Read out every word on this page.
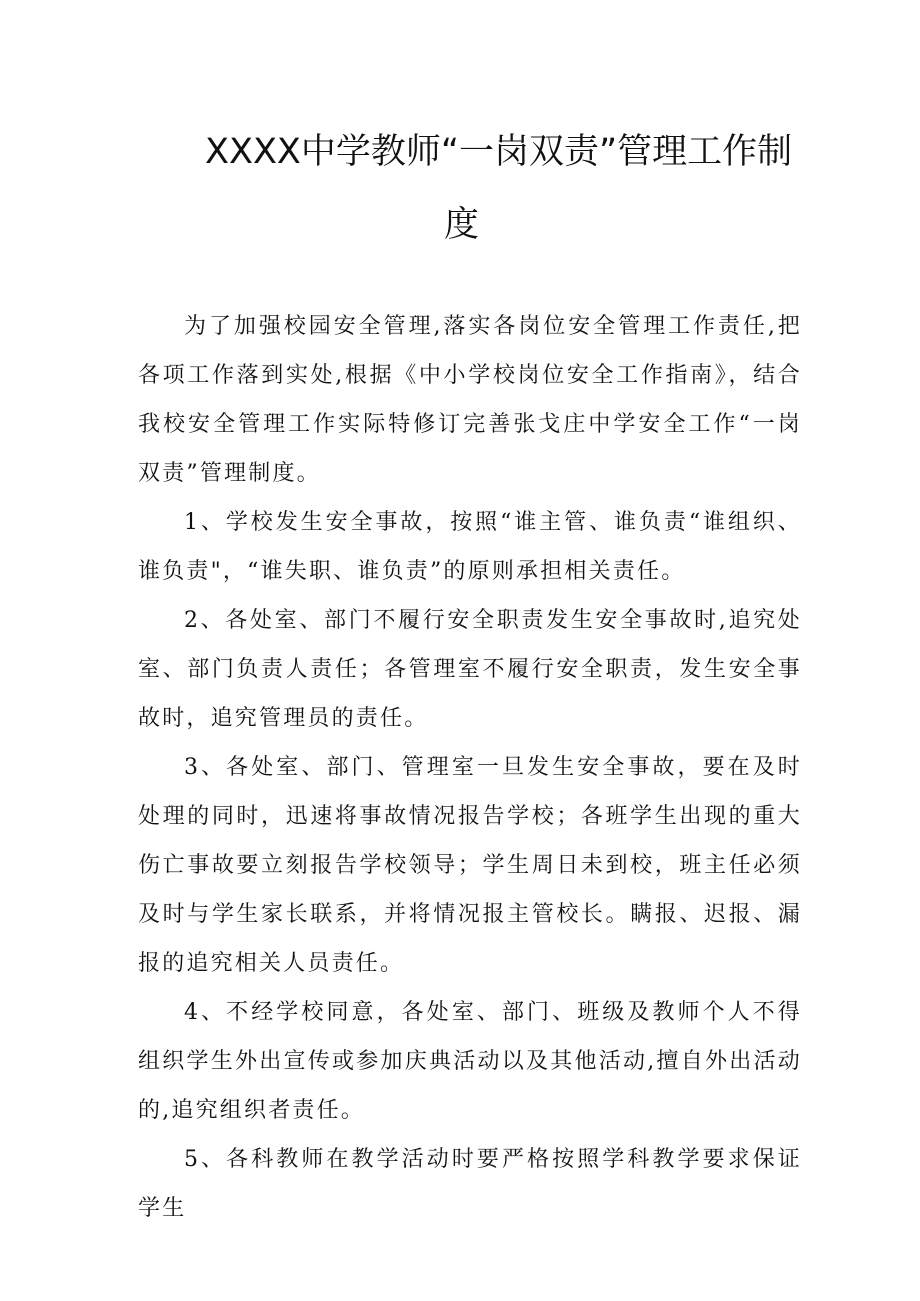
XXXX中学教师“一岗双责”管理工作制
度

为了加强校园安全管理,落实各岗位安全管理工作责任,把各项工作落到实处,根据《中小学校岗位安全工作指南》，结合我校安全管理工作实际特修订完善张戈庄中学安全工作“一岗双责”管理制度。

1、学校发生安全事故，按照“谁主管、谁负责“谁组织、谁负责"，“谁失职、谁负责”的原则承担相关责任。

2、各处室、部门不履行安全职责发生安全事故时,追究处室、部门负责人责任；各管理室不履行安全职责，发生安全事故时，追究管理员的责任。

3、各处室、部门、管理室一旦发生安全事故，要在及时处理的同时，迅速将事故情况报告学校；各班学生出现的重大伤亡事故要立刻报告学校领导；学生周日未到校，班主任必须及时与学生家长联系，并将情况报主管校长。瞒报、迟报、漏报的追究相关人员责任。

4、不经学校同意，各处室、部门、班级及教师个人不得组织学生外出宣传或参加庆典活动以及其他活动,擅自外出活动的,追究组织者责任。

5、各科教师在教学活动时要严格按照学科教学要求保证学生
